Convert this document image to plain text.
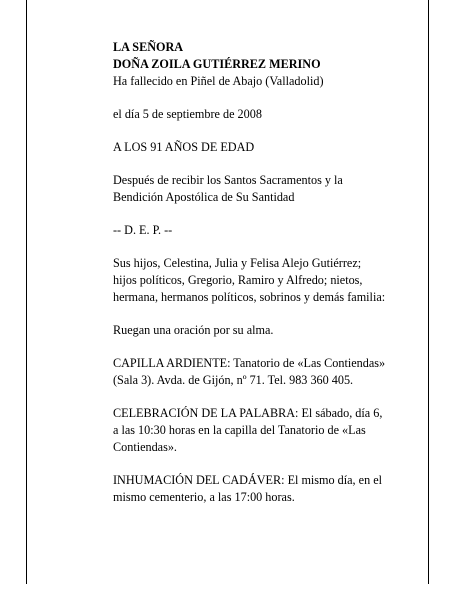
LA SEÑORA
DOÑA ZOILA GUTIÉRREZ MERINO
Ha fallecido en Piñel de Abajo (Valladolid)

el día 5 de septiembre de 2008

A LOS 91 AÑOS DE EDAD

Después de recibir los Santos Sacramentos y la
Bendición Apostólica de Su Santidad

-- D. E. P. --

Sus hijos, Celestina, Julia y Felisa Alejo Gutiérrez;
hijos políticos, Gregorio, Ramiro y Alfredo; nietos,
hermana, hermanos políticos, sobrinos y demás familia:

Ruegan una oración por su alma.

CAPILLA ARDIENTE: Tanatorio de «Las Contiendas»
(Sala 3). Avda. de Gijón, nº 71. Tel. 983 360 405.

CELEBRACIÓN DE LA PALABRA: El sábado, día 6,
a las 10:30 horas en la capilla del Tanatorio de «Las
Contiendas».

INHUMACIÓN DEL CADÁVER: El mismo día, en el
mismo cementerio, a las 17:00 horas.
